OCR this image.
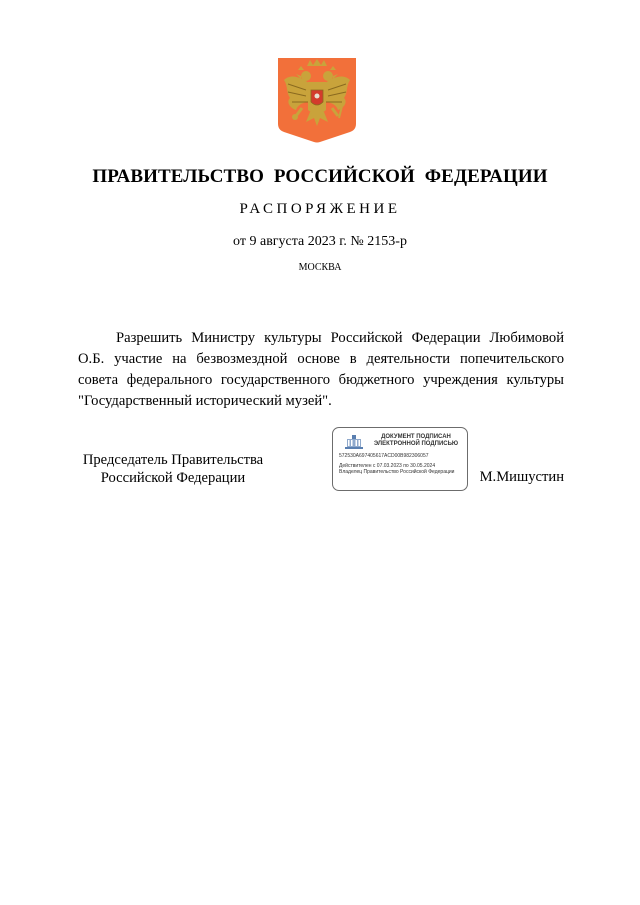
ПРАВИТЕЛЬСТВО РОССИЙСКОЙ ФЕДЕРАЦИИ
РАСПОРЯЖЕНИЕ
от 9 августа 2023 г. № 2153-р
МОСКВА
Разрешить Министру культуры Российской Федерации Любимовой О.Б. участие на безвозмездной основе в деятельности попечительского совета федерального государственного бюджетного учреждения культуры "Государственный исторический музей".
Председатель Правительства
Российской Федерации
ДОКУМЕНТ ПОДПИСАН
ЭЛЕКТРОННОЙ ПОДПИСЬЮ
572530A697405617ACD00B982306057
Действителен с 07.03.2023 по 30.05.2024
Владелец Правительство Российской Федерации	М.Мишустин
